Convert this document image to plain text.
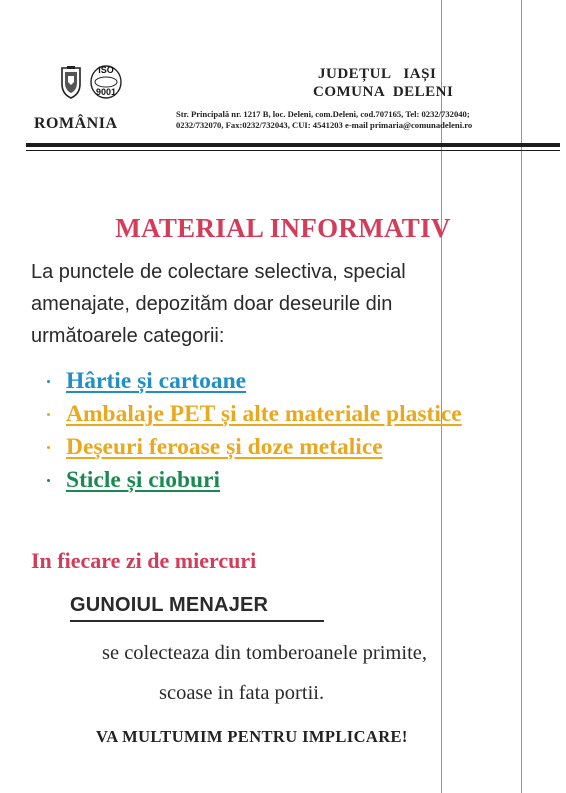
ISO
9001
ROMÂNIA
JUDEȚUL   IAȘI
COMUNA  DELENI
Str. Principală nr. 1217 B, loc. Deleni, com.Deleni, cod.707165, Tel: 0232/732040;
0232/732070, Fax:0232/732043, CUI: 4541203 e-mail primaria@comunadeleni.ro
MATERIAL INFORMATIV
La punctele de colectare selectiva, special amenajate, depozităm doar deseurile din următoarele categorii:
Hârtie și cartoane
Ambalaje PET și alte materiale plastice
Deșeuri feroase și doze metalice
Sticle și cioburi
In fiecare zi de miercuri
GUNOIUL MENAJER
se colecteaza din tomberoanele primite,
scoase in fata portii.
VA MULTUMIM PENTRU IMPLICARE!
